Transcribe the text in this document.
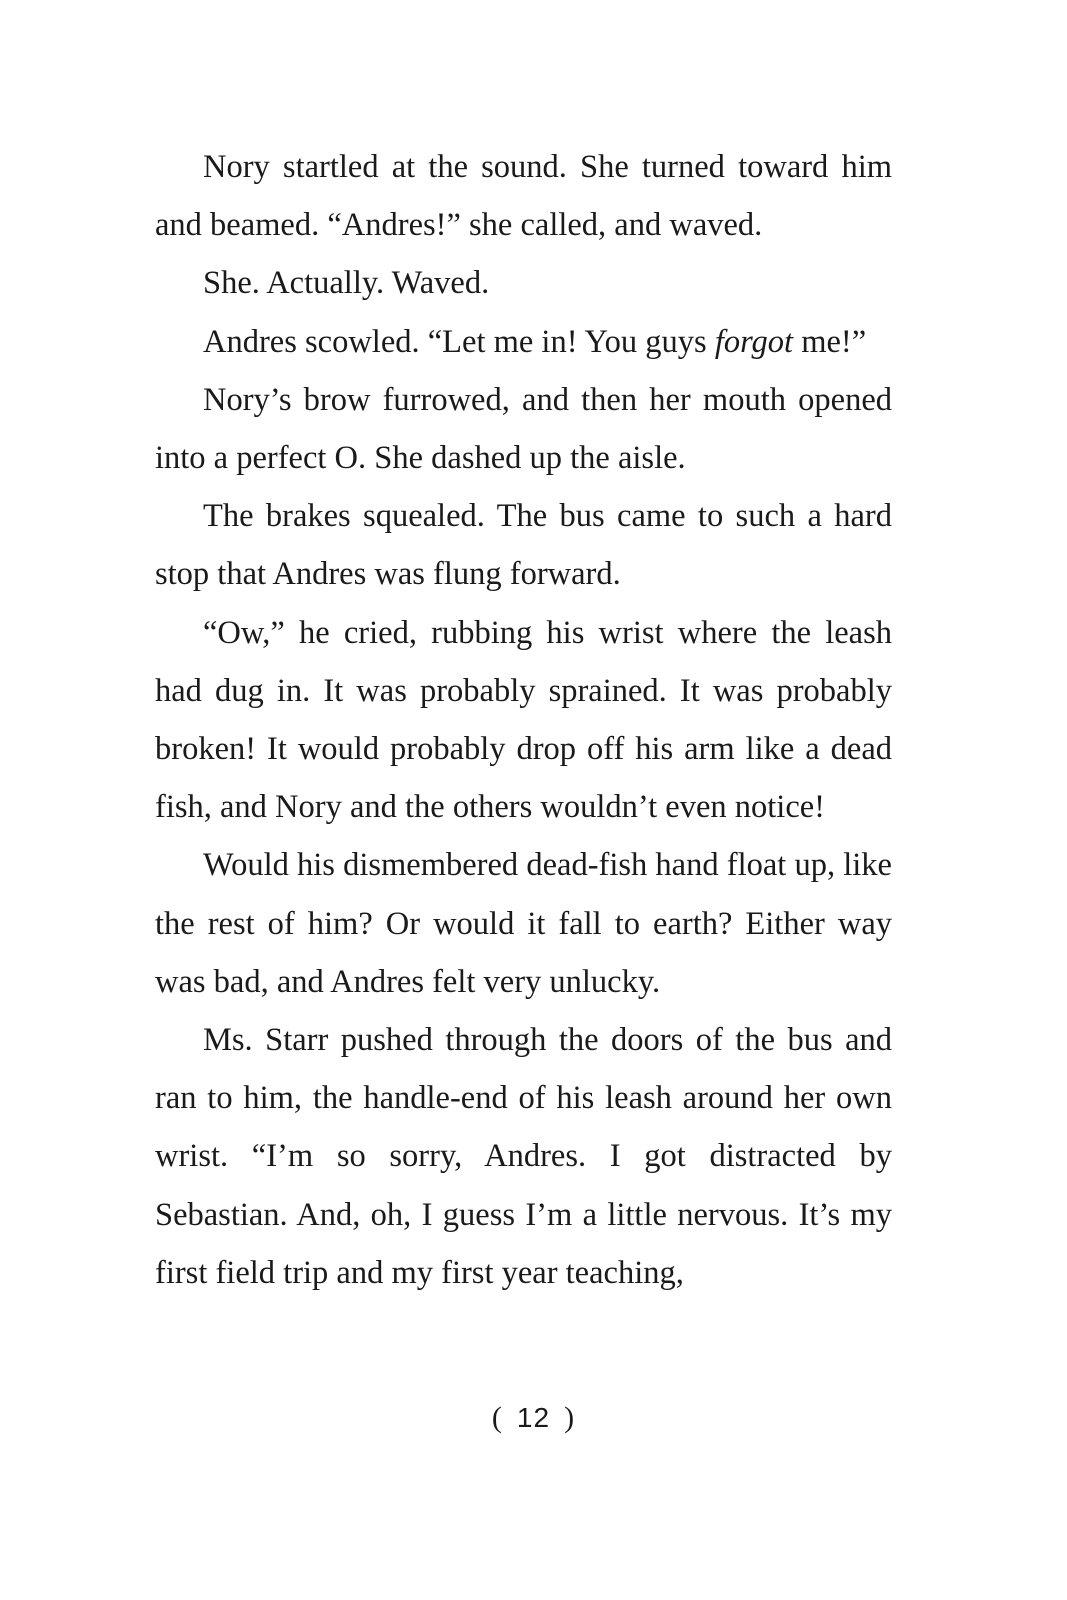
Nory startled at the sound. She turned toward him and beamed. “Andres!” she called, and waved.

She. Actually. Waved.

Andres scowled. “Let me in! You guys forgot me!”

Nory’s brow furrowed, and then her mouth opened into a perfect O. She dashed up the aisle.

The brakes squealed. The bus came to such a hard stop that Andres was flung forward.

“Ow,” he cried, rubbing his wrist where the leash had dug in. It was probably sprained. It was probably broken! It would probably drop off his arm like a dead fish, and Nory and the others wouldn’t even notice!

Would his dismembered dead-fish hand float up, like the rest of him? Or would it fall to earth? Either way was bad, and Andres felt very unlucky.

Ms. Starr pushed through the doors of the bus and ran to him, the handle-end of his leash around her own wrist. “I’m so sorry, Andres. I got distracted by Sebastian. And, oh, I guess I’m a little nervous. It’s my first field trip and my first year teaching,

( 12 )
